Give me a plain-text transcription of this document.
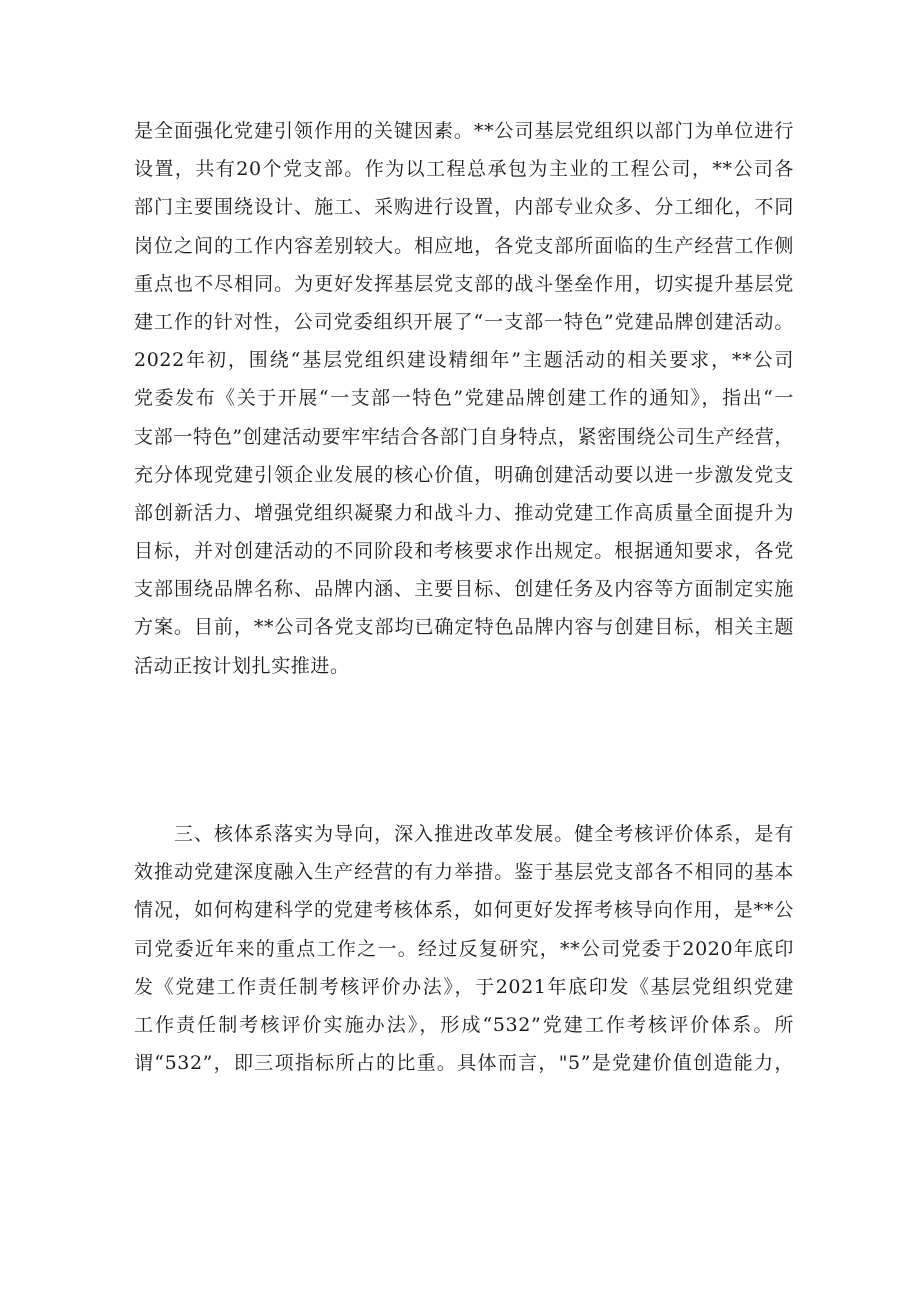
是全面强化党建引领作用的关键因素。**公司基层党组织以部门为单位进行
设置，共有20个党支部。作为以工程总承包为主业的工程公司，**公司各
部门主要围绕设计、施工、采购进行设置，内部专业众多、分工细化，不同
岗位之间的工作内容差别较大。相应地，各党支部所面临的生产经营工作侧
重点也不尽相同。为更好发挥基层党支部的战斗堡垒作用，切实提升基层党
建工作的针对性，公司党委组织开展了“一支部一特色”党建品牌创建活动。
2022年初，围绕“基层党组织建设精细年”主题活动的相关要求，**公司
党委发布《关于开展“一支部一特色”党建品牌创建工作的通知》，指出“一
支部一特色”创建活动要牢牢结合各部门自身特点，紧密围绕公司生产经营，
充分体现党建引领企业发展的核心价值，明确创建活动要以进一步激发党支
部创新活力、增强党组织凝聚力和战斗力、推动党建工作高质量全面提升为
目标，并对创建活动的不同阶段和考核要求作出规定。根据通知要求，各党
支部围绕品牌名称、品牌内涵、主要目标、创建任务及内容等方面制定实施
方案。目前，**公司各党支部均已确定特色品牌内容与创建目标，相关主题
活动正按计划扎实推进。
三、核体系落实为导向，深入推进改革发展。健全考核评价体系，是有
效推动党建深度融入生产经营的有力举措。鉴于基层党支部各不相同的基本
情况，如何构建科学的党建考核体系，如何更好发挥考核导向作用，是**公
司党委近年来的重点工作之一。经过反复研究，**公司党委于2020年底印
发《党建工作责任制考核评价办法》，于2021年底印发《基层党组织党建
工作责任制考核评价实施办法》，形成“532”党建工作考核评价体系。所
谓“532”，即三项指标所占的比重。具体而言，"5”是党建价值创造能力，
